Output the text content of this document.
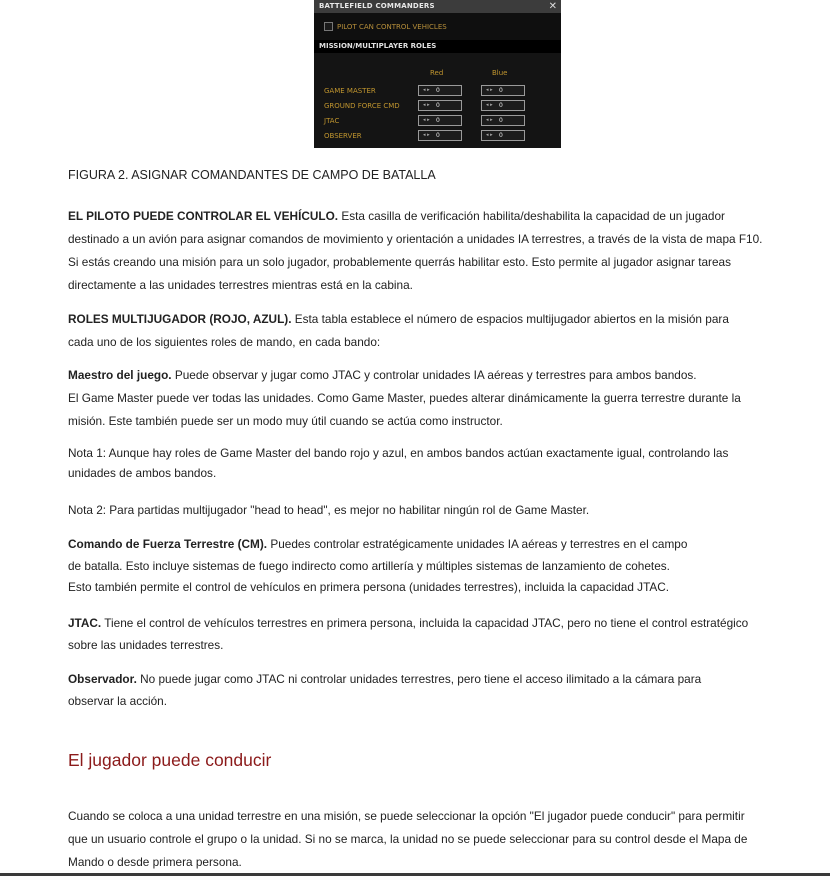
BATTLEFIELD COMMANDERS	✕
PILOT CAN CONTROL VEHICLES
MISSION/MULTIPLAYER ROLES
Red	Blue
GAME MASTER	◂ ▸ 0	◂ ▸ 0
GROUND FORCE CMD	◂ ▸ 0	◂ ▸ 0
JTAC	◂ ▸ 0	◂ ▸ 0
OBSERVER	◂ ▸ 0	◂ ▸ 0
FIGURA 2. ASIGNAR COMANDANTES DE CAMPO DE BATALLA
EL PILOTO PUEDE CONTROLAR EL VEHÍCULO. Esta casilla de verificación habilita/deshabilita la capacidad de un jugador
destinado a un avión para asignar comandos de movimiento y orientación a unidades IA terrestres, a través de la vista de mapa F10.
Si estás creando una misión para un solo jugador, probablemente querrás habilitar esto. Esto permite al jugador asignar tareas
directamente a las unidades terrestres mientras está en la cabina.
ROLES MULTIJUGADOR (ROJO, AZUL). Esta tabla establece el número de espacios multijugador abiertos en la misión para
cada uno de los siguientes roles de mando, en cada bando:
Maestro del juego. Puede observar y jugar como JTAC y controlar unidades IA aéreas y terrestres para ambos bandos.
El Game Master puede ver todas las unidades. Como Game Master, puedes alterar dinámicamente la guerra terrestre durante la
misión. Este también puede ser un modo muy útil cuando se actúa como instructor.
Nota 1: Aunque hay roles de Game Master del bando rojo y azul, en ambos bandos actúan exactamente igual, controlando las
unidades de ambos bandos.
Nota 2: Para partidas multijugador "head to head", es mejor no habilitar ningún rol de Game Master.
Comando de Fuerza Terrestre (CM). Puedes controlar estratégicamente unidades IA aéreas y terrestres en el campo
de batalla. Esto incluye sistemas de fuego indirecto como artillería y múltiples sistemas de lanzamiento de cohetes.
Esto también permite el control de vehículos en primera persona (unidades terrestres), incluida la capacidad JTAC.
JTAC. Tiene el control de vehículos terrestres en primera persona, incluida la capacidad JTAC, pero no tiene el control estratégico
sobre las unidades terrestres.
Observador. No puede jugar como JTAC ni controlar unidades terrestres, pero tiene el acceso ilimitado a la cámara para
observar la acción.
El jugador puede conducir
Cuando se coloca a una unidad terrestre en una misión, se puede seleccionar la opción "El jugador puede conducir" para permitir
que un usuario controle el grupo o la unidad. Si no se marca, la unidad no se puede seleccionar para su control desde el Mapa de
Mando o desde primera persona.
